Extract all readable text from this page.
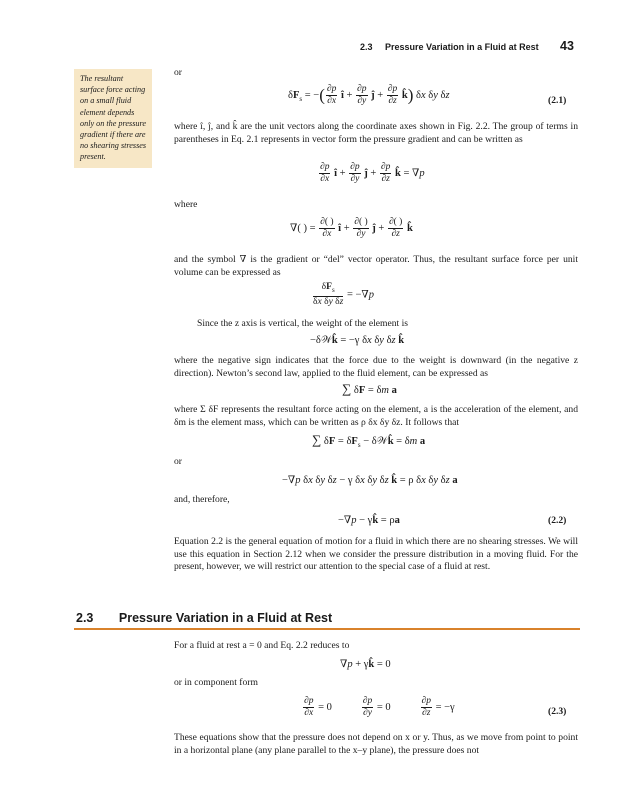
2.3 Pressure Variation in a Fluid at Rest 43
The resultant surface force acting on a small fluid element depends only on the pressure gradient if there are no shearing stresses present.
or
$\delta F_s$ = −( $\frac{\partial p}{\partial x}$ î + $\frac{\partial p}{\partial y}$ ĵ + $\frac{\partial p}{\partial z}$ k̂) δx δy δz	(2.1)
where î, ĵ, and k̂ are the unit vectors along the coordinate axes shown in Fig. 2.2. The group of terms in parentheses in Eq. 2.1 represents in vector form the pressure gradient and can be written as
$\frac{\partial p}{\partial x}$ î + $\frac{\partial p}{\partial y}$ ĵ + $\frac{\partial p}{\partial z}$ k̂ = ∇p
where
∇( ) = $\frac{\partial( )}{\partial x}$ î + $\frac{\partial( )}{\partial y}$ ĵ + $\frac{\partial( )}{\partial z}$ k̂
and the symbol ∇ is the gradient or “del” vector operator. Thus, the resultant surface force per unit volume can be expressed as
$\frac{\delta F_s}{\text{δx δy δz}} = -\nabla p$
Since the z axis is vertical, the weight of the element is
−δ𝒲k̂ = −γ δx δy δz k̂
where the negative sign indicates that the force due to the weight is downward (in the negative z direction). Newton’s second law, applied to the fluid element, can be expressed as
∑ δF = δm a
where Σ δF represents the resultant force acting on the element, a is the acceleration of the element, and δm is the element mass, which can be written as ρ δx δy δz. It follows that
∑ $\delta F = \delta F_s$ − δ𝒲k̂ = δm a
or
−∇p δx δy δz − γ δx δy δz k̂ = ρ δx δy δz a
and, therefore,
−∇p − γk̂ = ρa	(2.2)
Equation 2.2 is the general equation of motion for a fluid in which there are no shearing stresses. We will use this equation in Section 2.12 when we consider the pressure distribution in a moving fluid. For the present, however, we will restrict our attention to the special case of a fluid at rest.
2.3 Pressure Variation in a Fluid at Rest
For a fluid at rest a = 0 and Eq. 2.2 reduces to
∇p + γk̂ = 0
or in component form
$\frac{\partial p}{\partial x} = 0 \frac{\partial p}{\partial y} = 0 \frac{\partial p}{\partial z} = -\gamma$	(2.3)
These equations show that the pressure does not depend on x or y. Thus, as we move from point to point in a horizontal plane (any plane parallel to the x–y plane), the pressure does not
